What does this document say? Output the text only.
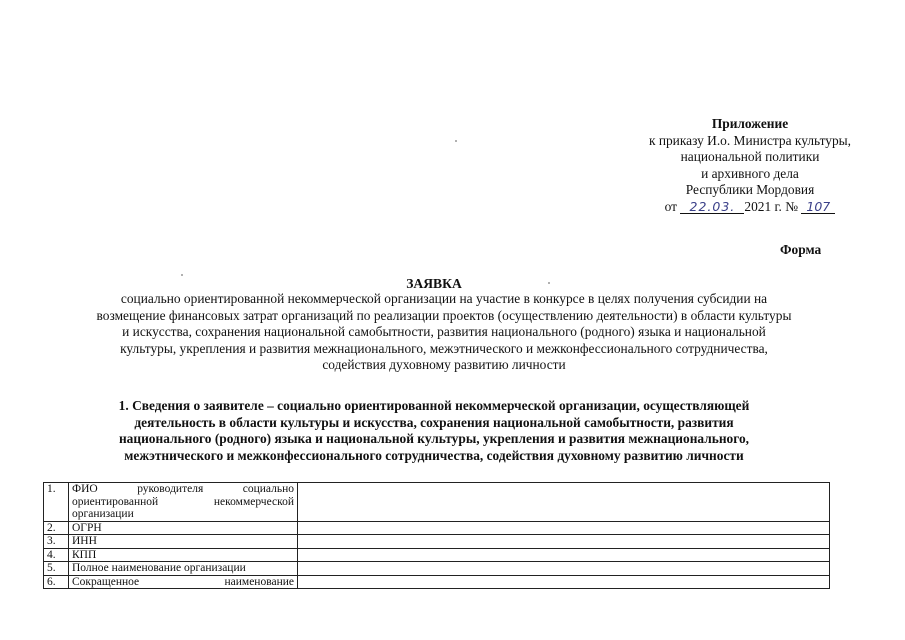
Приложение
к приказу И.о. Министра культуры,
национальной политики
и архивного дела
Республики Мордовия
от 22.03. 2021 г. № 107
Форма
ЗАЯВКА
социально ориентированной некоммерческой организации на участие в конкурсе в целях получения субсидии на
возмещение финансовых затрат организаций по реализации проектов (осуществлению деятельности) в области культуры
и искусства, сохранения национальной самобытности, развития национального (родного) языка и национальной
культуры, укрепления и развития межнационального, межэтнического и межконфессионального сотрудничества,
содействия духовному развитию личности
1. Сведения о заявителе – социально ориентированной некоммерческой организации, осуществляющей
деятельность в области культуры и искусства, сохранения национальной самобытности, развития
национального (родного) языка и национальной культуры, укрепления и развития межнационального,
межэтнического и межконфессионального сотрудничества, содействия духовному развитию личности
1.	ФИО руководителя социально
ориентированной некоммерческой
организации	

2.	ОГРН	
3.	ИНН	
4.	КПП	
5.	Полное наименование организации	
6.	Сокращенное наименование	
